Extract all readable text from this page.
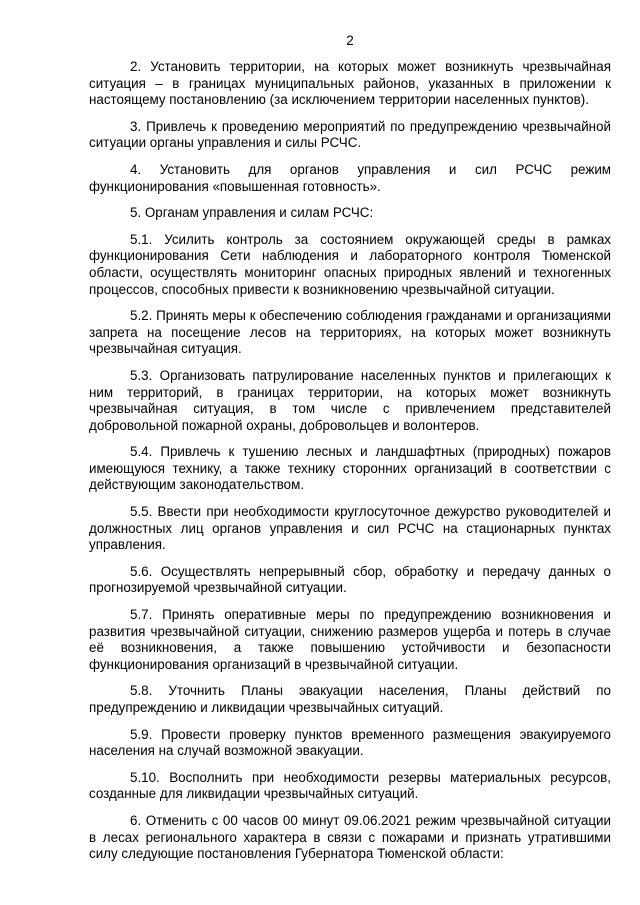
2

2. Установить территории, на которых может возникнуть чрезвычайная ситуация – в границах муниципальных районов, указанных в приложении к настоящему постановлению (за исключением территории населенных пунктов).

3. Привлечь к проведению мероприятий по предупреждению чрезвычайной ситуации органы управления и силы РСЧС.

4. Установить для органов управления и сил РСЧС режим функционирования «повышенная готовность».

5. Органам управления и силам РСЧС:

5.1. Усилить контроль за состоянием окружающей среды в рамках функционирования Сети наблюдения и лабораторного контроля Тюменской области, осуществлять мониторинг опасных природных явлений и техногенных процессов, способных привести к возникновению чрезвычайной ситуации.

5.2. Принять меры к обеспечению соблюдения гражданами и организациями запрета на посещение лесов на территориях, на которых может возникнуть чрезвычайная ситуация.

5.3. Организовать патрулирование населенных пунктов и прилегающих к ним территорий, в границах территории, на которых может возникнуть чрезвычайная ситуация, в том числе с привлечением представителей добровольной пожарной охраны, добровольцев и волонтеров.

5.4. Привлечь к тушению лесных и ландшафтных (природных) пожаров имеющуюся технику, а также технику сторонних организаций в соответствии с действующим законодательством.

5.5. Ввести при необходимости круглосуточное дежурство руководителей и должностных лиц органов управления и сил РСЧС на стационарных пунктах управления.

5.6. Осуществлять непрерывный сбор, обработку и передачу данных о прогнозируемой чрезвычайной ситуации.

5.7. Принять оперативные меры по предупреждению возникновения и развития чрезвычайной ситуации, снижению размеров ущерба и потерь в случае её возникновения, а также повышению устойчивости и безопасности функционирования организаций в чрезвычайной ситуации.

5.8. Уточнить Планы эвакуации населения, Планы действий по предупреждению и ликвидации чрезвычайных ситуаций.

5.9. Провести проверку пунктов временного размещения эвакуируемого населения на случай возможной эвакуации.

5.10. Восполнить при необходимости резервы материальных ресурсов, созданные для ликвидации чрезвычайных ситуаций.

6. Отменить с 00 часов 00 минут 09.06.2021 режим чрезвычайной ситуации в лесах регионального характера в связи с пожарами и признать утратившими силу следующие постановления Губернатора Тюменской области:
